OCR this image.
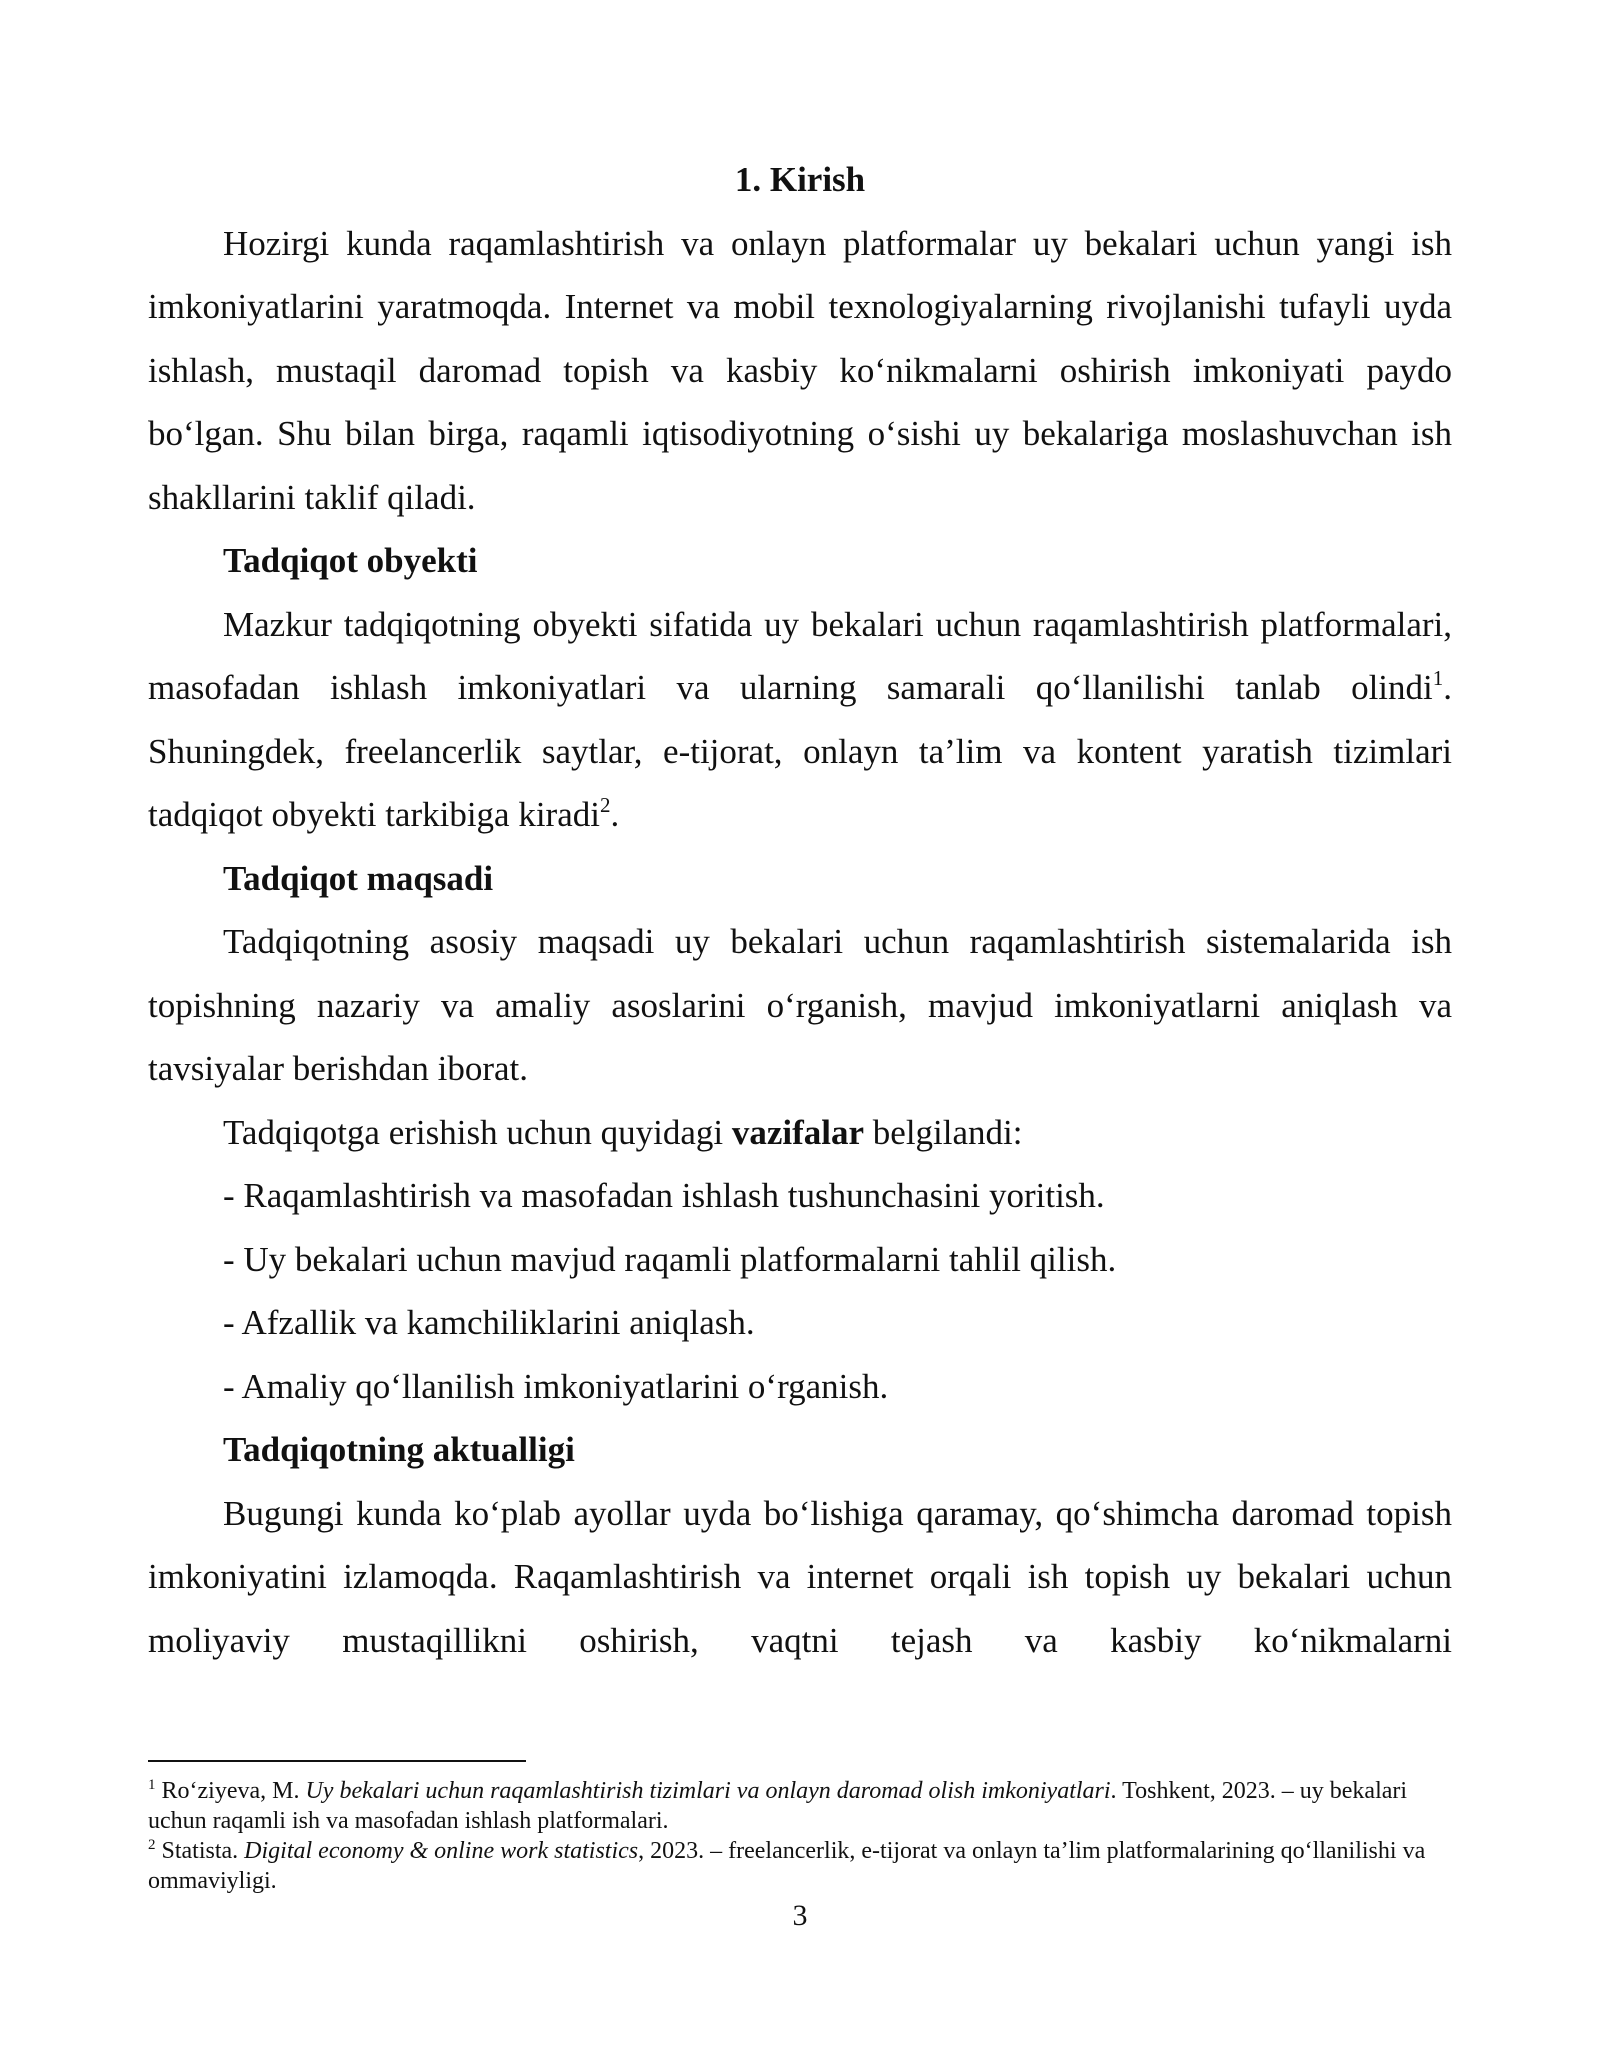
1. Kirish

Hozirgi kunda raqamlashtirish va onlayn platformalar uy bekalari uchun yangi ish imkoniyatlarini yaratmoqda. Internet va mobil texnologiyalarning rivojlanishi tufayli uyda ishlash, mustaqil daromad topish va kasbiy ko‘nikmalarni oshirish imkoniyati paydo bo‘lgan. Shu bilan birga, raqamli iqtisodiyotning o‘sishi uy bekalariga moslashuvchan ish shakllarini taklif qiladi.

Tadqiqot obyekti

Mazkur tadqiqotning obyekti sifatida uy bekalari uchun raqamlashtirish platformalari, masofadan ishlash imkoniyatlari va ularning samarali qo‘llanilishi tanlab olindi$^1$. Shuningdek, freelancerlik saytlar, e-tijorat, onlayn ta’lim va kontent yaratish tizimlari tadqiqot obyekti tarkibiga kiradi$^2$.

Tadqiqot maqsadi

Tadqiqotning asosiy maqsadi uy bekalari uchun raqamlashtirish sistemalarida ish topishning nazariy va amaliy asoslarini o‘rganish, mavjud imkoniyatlarni aniqlash va tavsiyalar berishdan iborat.

Tadqiqotga erishish uchun quyidagi vazifalar belgilandi:

- Raqamlashtirish va masofadan ishlash tushunchasini yoritish.

- Uy bekalari uchun mavjud raqamli platformalarni tahlil qilish.

- Afzallik va kamchiliklarini aniqlash.

- Amaliy qo‘llanilish imkoniyatlarini o‘rganish.

Tadqiqotning aktualligi

Bugungi kunda ko‘plab ayollar uyda bo‘lishiga qaramay, qo‘shimcha daromad topish imkoniyatini izlamoqda. Raqamlashtirish va internet orqali ish topish uy bekalari uchun moliyaviy mustaqillikni oshirish, vaqtni tejash va kasbiy ko‘nikmalarni

$^1$ Ro‘ziyeva, M. Uy bekalari uchun raqamlashtirish tizimlari va onlayn daromad olish imkoniyatlari. Toshkent, 2023. – uy bekalari uchun raqamli ish va masofadan ishlash platformalari.

$^2$ Statista. Digital economy & online work statistics, 2023. – freelancerlik, e-tijorat va onlayn ta’lim platformalarining qo‘llanilishi va ommaviyligi.

3
